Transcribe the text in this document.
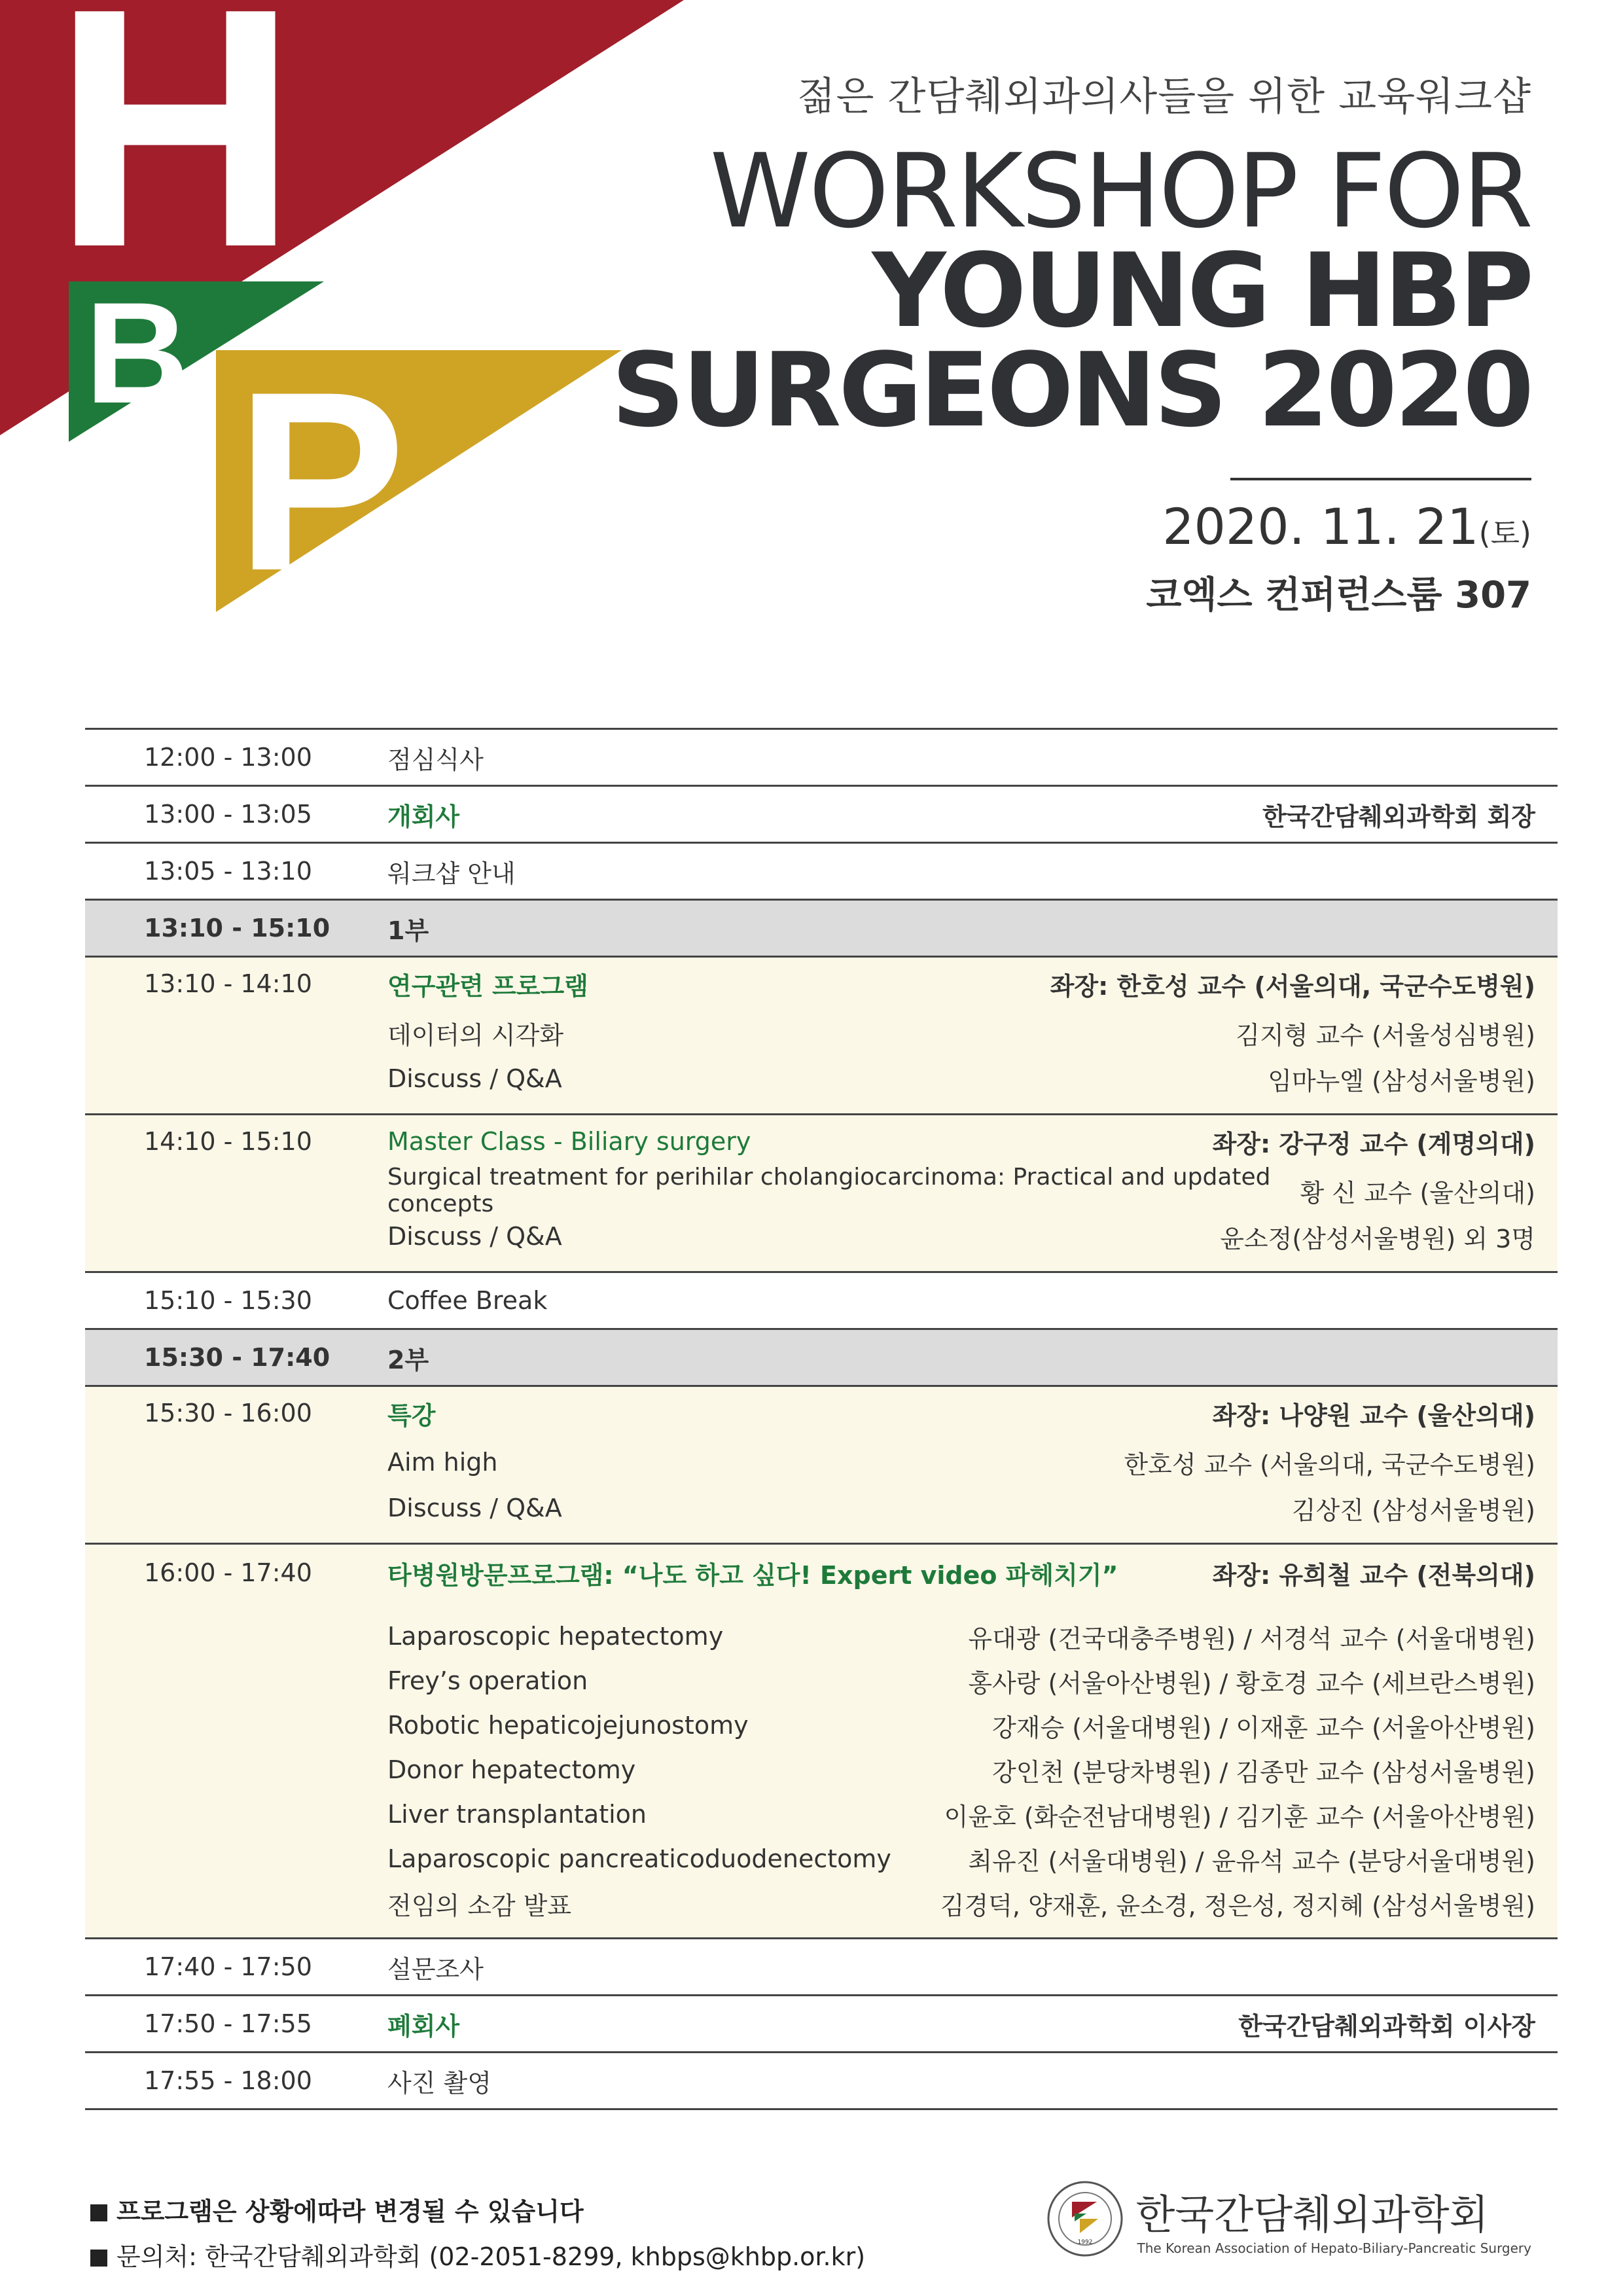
H
B P
젊은 간담췌외과의사들을 위한 교육워크샵
WORKSHOP FOR
YOUNG HBP
SURGEONS 2020
2020. 11. 21(토)
코엑스 컨퍼런스룸 307
12:00 - 13:00	점심식사
13:00 - 13:05	개회사	한국간담췌외과학회 회장
13:05 - 13:10	워크샵 안내
13:10 - 15:10	1부
13:10 - 14:10	연구관련 프로그램	좌장: 한호성 교수 (서울의대, 국군수도병원)
데이터의 시각화	김지형 교수 (서울성심병원)
Discuss / Q&A	임마누엘 (삼성서울병원)
14:10 - 15:10	Master Class - Biliary surgery	좌장: 강구정 교수 (계명의대)
Surgical treatment for perihilar cholangiocarcinoma: Practical and updated concepts	황 신 교수 (울산의대)
Discuss / Q&A	윤소정(삼성서울병원) 외 3명
15:10 - 15:30	Coffee Break
15:30 - 17:40	2부
15:30 - 16:00	특강	좌장: 나양원 교수 (울산의대)
Aim high	한호성 교수 (서울의대, 국군수도병원)
Discuss / Q&A	김상진 (삼성서울병원)
16:00 - 17:40	타병원방문프로그램: “나도 하고 싶다! Expert video 파헤치기”	좌장: 유희철 교수 (전북의대)
Laparoscopic hepatectomy	유대광 (건국대충주병원) / 서경석 교수 (서울대병원)
Frey’s operation	홍사랑 (서울아산병원) / 황호경 교수 (세브란스병원)
Robotic hepaticojejunostomy	강재승 (서울대병원) / 이재훈 교수 (서울아산병원)
Donor hepatectomy	강인천 (분당차병원) / 김종만 교수 (삼성서울병원)
Liver transplantation	이윤호 (화순전남대병원) / 김기훈 교수 (서울아산병원)
Laparoscopic pancreaticoduodenectomy	최유진 (서울대병원) / 윤유석 교수 (분당서울대병원)
전임의 소감 발표	김경덕, 양재훈, 윤소경, 정은성, 정지혜 (삼성서울병원)
17:40 - 17:50	설문조사
17:50 - 17:55	폐회사	한국간담췌외과학회 이사장
17:55 - 18:00	사진 촬영
프로그램은 상황에따라 변경될 수 있습니다
문의처: 한국간담췌외과학회 (02-2051-8299, khbps@khbp.or.kr)	1992
한국간담췌외과학회
The Korean Association of Hepato-Biliary-Pancreatic Surgery
